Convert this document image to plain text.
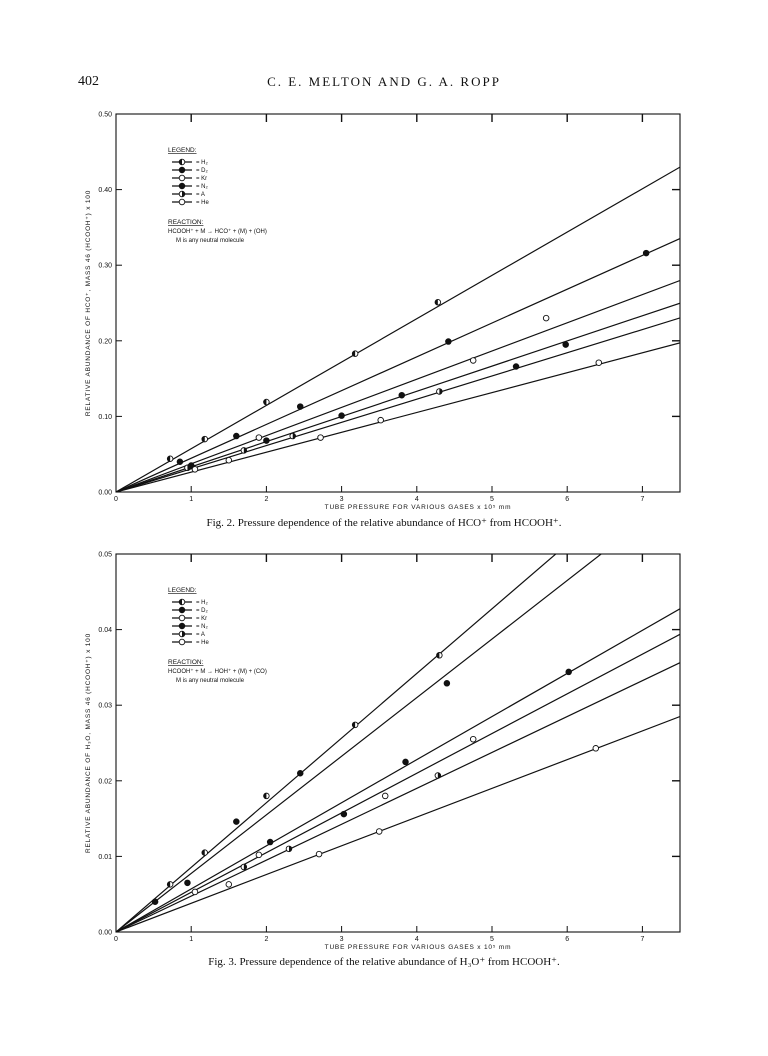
402	C. E. MELTON AND G. A. ROPP
0	1	2	3	4	5	6	7
0.00
0.10
0.20
0.30
0.40
0.50
TUBE PRESSURE FOR VARIOUS GASES x 10⁵ mm
RELATIVE ABUNDANCE OF HCO⁺, MASS 46 (HCOOH⁺) x 100
LEGEND:
= H₂
= D₂
= Kr
= N₂
= A
= He
REACTION:
HCOOH⁺ + M → HCO⁺ + (M) + (OH)
M is any neutral molecule
Fig. 2. Pressure dependence of the relative abundance of HCO⁺ from HCOOH⁺.
0	1	2	3	4	5	6	7
0.00
0.01
0.02
0.03
0.04
0.05
TUBE PRESSURE FOR VARIOUS GASES x 10⁵ mm
RELATIVE ABUNDANCE OF H₃O, MASS 46 (HCOOH⁺) x 100
LEGEND:
= H₂
= D₂
= Kr
= N₂
= A
= He
REACTION:
HCOOH⁺ + M → HOH⁺ + (M) + (CO)
M is any neutral molecule
Fig. 3. Pressure dependence of the relative abundance of H₃O⁺ from HCOOH⁺.
